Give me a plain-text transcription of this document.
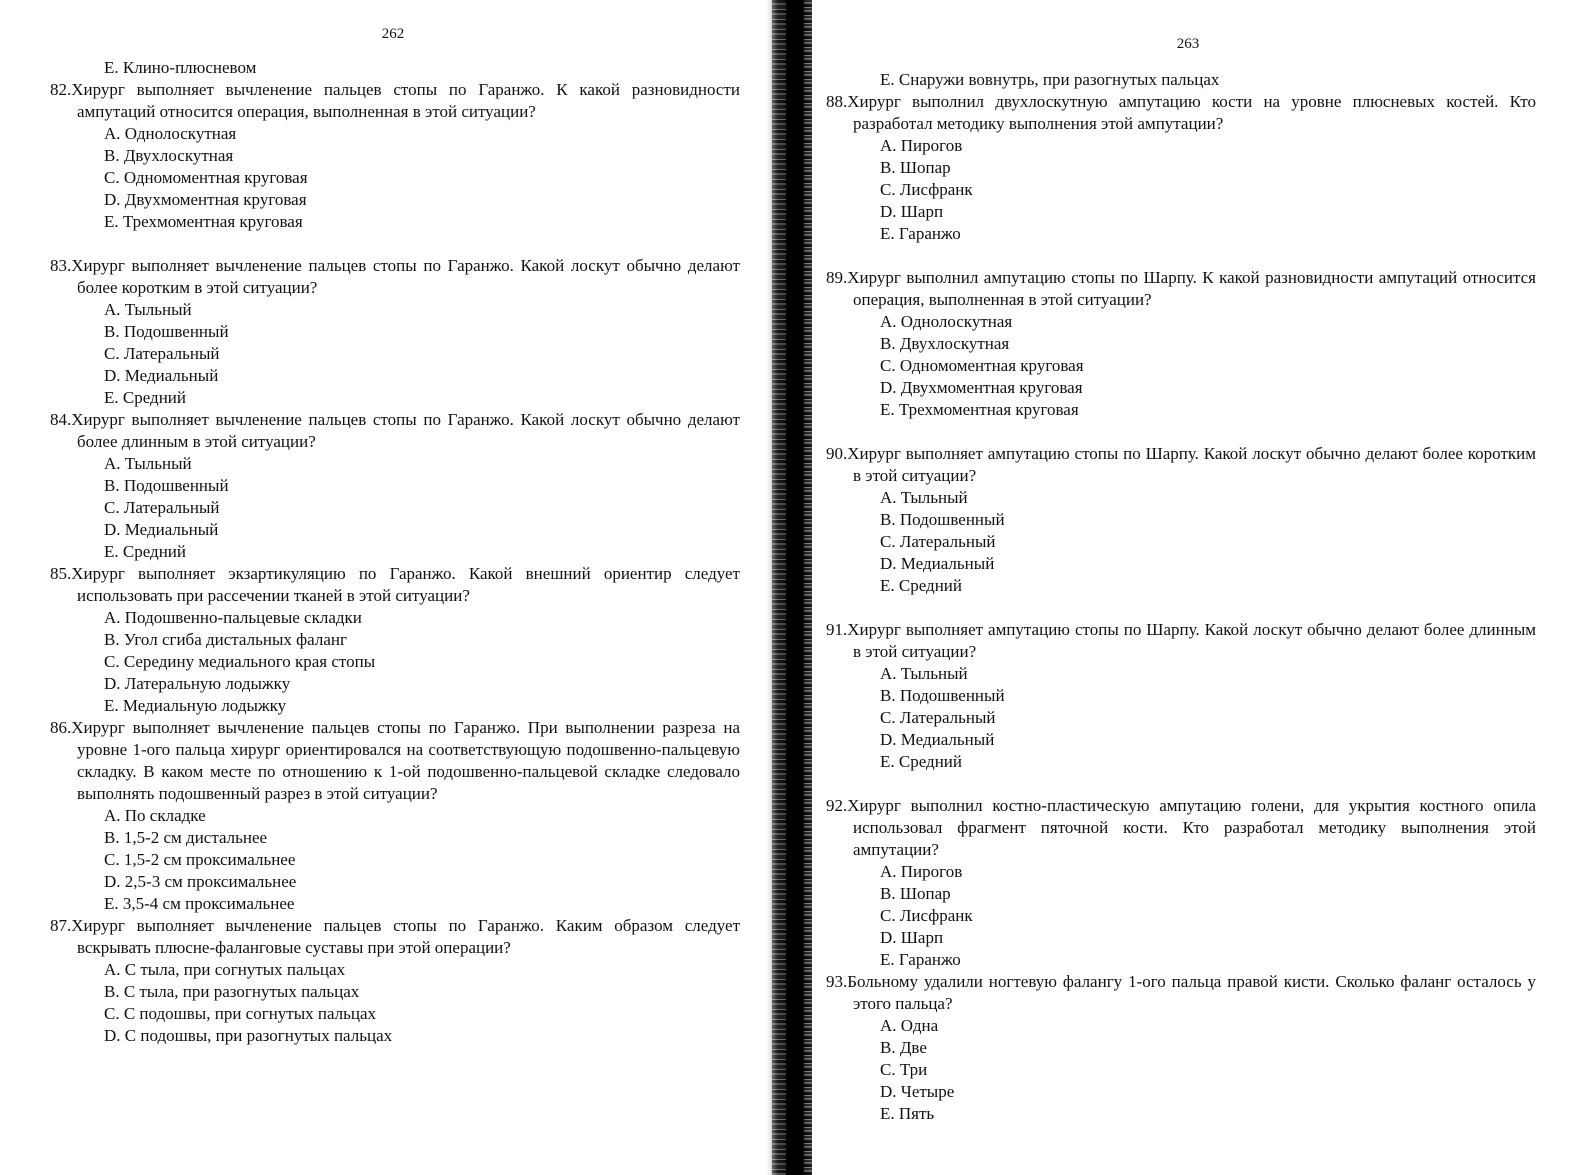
262
E. Клино-плюсневом
82.Хирург выполняет вычленение пальцев стопы по Гаранжо. К какой разновидности ампутаций относится операция, выполненная в этой ситуации?
A. Однолоскутная
B. Двухлоскутная
C. Одномоментная круговая
D. Двухмоментная круговая
E. Трехмоментная круговая
83.Хирург выполняет вычленение пальцев стопы по Гаранжо. Какой лоскут обычно делают более коротким в этой ситуации?
A. Тыльный
B. Подошвенный
C. Латеральный
D. Медиальный
E. Средний
84.Хирург выполняет вычленение пальцев стопы по Гаранжо. Какой лоскут обычно делают более длинным в этой ситуации?
A. Тыльный
B. Подошвенный
C. Латеральный
D. Медиальный
E. Средний
85.Хирург выполняет экзартикуляцию по Гаранжо. Какой внешний ориентир следует использовать при рассечении тканей в этой ситуации?
A. Подошвенно-пальцевые складки
B. Угол сгиба дистальных фаланг
C. Середину медиального края стопы
D. Латеральную лодыжку
E. Медиальную лодыжку
86.Хирург выполняет вычленение пальцев стопы по Гаранжо. При выполнении разреза на уровне 1-ого пальца хирург ориентировался на соответствующую подошвенно-пальцевую складку. В каком месте по отношению к 1-ой подошвенно-пальцевой складке следовало выполнять подошвенный разрез в этой ситуации?
A. По складке
B. 1,5-2 см дистальнее
C. 1,5-2 см проксимальнее
D. 2,5-3 см проксимальнее
E. 3,5-4 см проксимальнее
87.Хирург выполняет вычленение пальцев стопы по Гаранжо. Каким образом следует вскрывать плюсне-фаланговые суставы при этой операции?
A. С тыла, при согнутых пальцах
B. С тыла, при разогнутых пальцах
C. С подошвы, при согнутых пальцах
D. С подошвы, при разогнутых пальцах
263
E. Снаружи вовнутрь, при разогнутых пальцах
88.Хирург выполнил двухлоскутную ампутацию кости на уровне плюсневых костей. Кто разработал методику выполнения этой ампутации?
A. Пирогов
B. Шопар
C. Лисфранк
D. Шарп
E. Гаранжо
89.Хирург выполнил ампутацию стопы по Шарпу. К какой разновидности ампутаций относится операция, выполненная в этой ситуации?
A. Однолоскутная
B. Двухлоскутная
C. Одномоментная круговая
D. Двухмоментная круговая
E. Трехмоментная круговая
90.Хирург выполняет ампутацию стопы по Шарпу. Какой лоскут обычно делают более коротким в этой ситуации?
A. Тыльный
B. Подошвенный
C. Латеральный
D. Медиальный
E. Средний
91.Хирург выполняет ампутацию стопы по Шарпу. Какой лоскут обычно делают более длинным в этой ситуации?
A. Тыльный
B. Подошвенный
C. Латеральный
D. Медиальный
E. Средний
92.Хирург выполнил костно-пластическую ампутацию голени, для укрытия костного опила использовал фрагмент пяточной кости. Кто разработал методику выполнения этой ампутации?
A. Пирогов
B. Шопар
C. Лисфранк
D. Шарп
E. Гаранжо
93.Больному удалили ногтевую фалангу 1-ого пальца правой кисти. Сколько фаланг осталось у этого пальца?
A. Одна
B. Две
C. Три
D. Четыре
E. Пять
